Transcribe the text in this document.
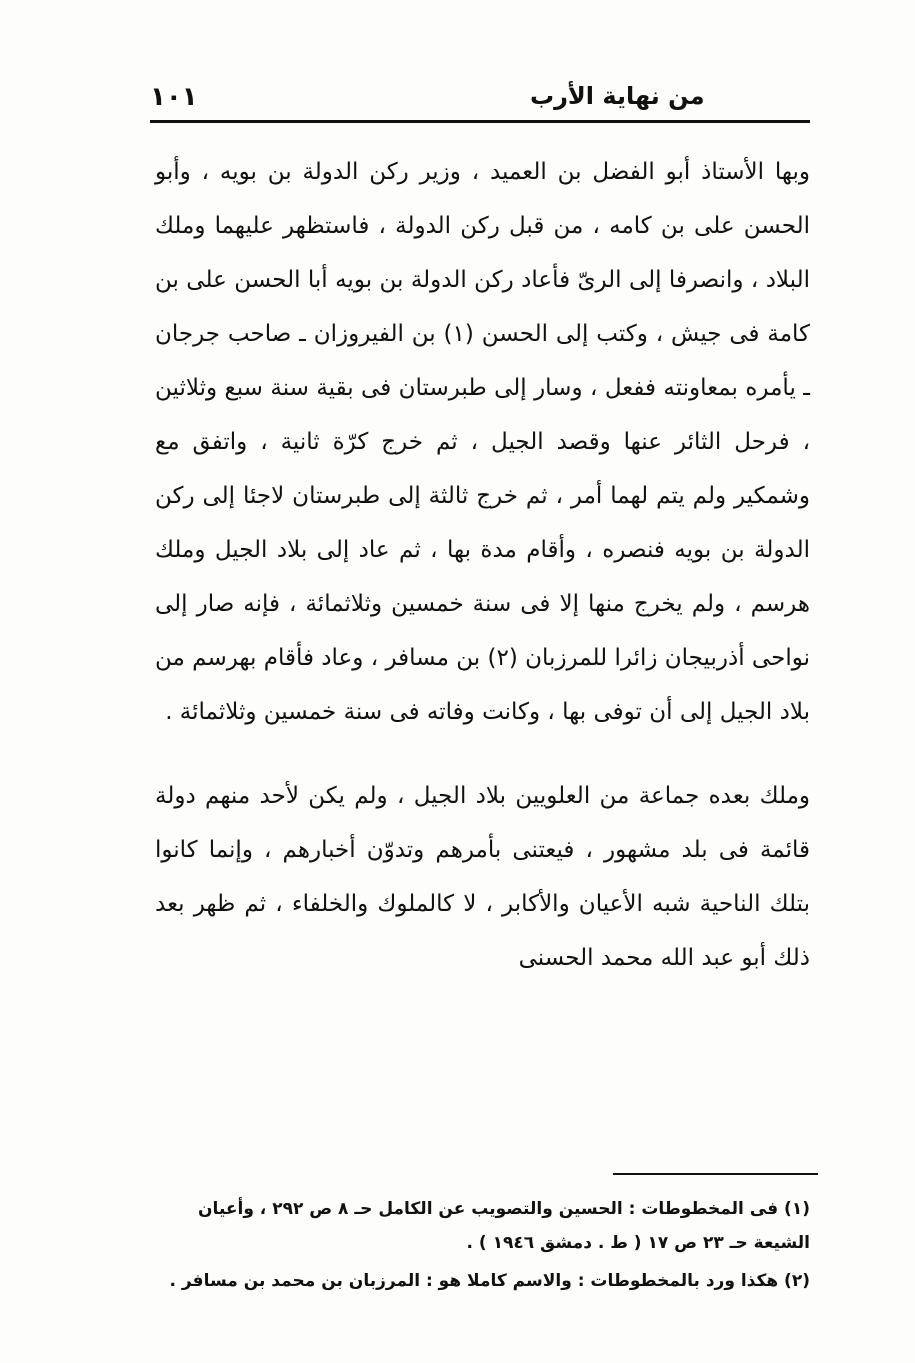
١٠١	من نهاية الأرب

وبها الأستاذ أبو الفضل بن العميد ، وزير ركن الدولة بن بويه ، وأبو الحسن على بن كامه ، من قبل ركن الدولة ، فاستظهر عليهما وملك البلاد ، وانصرفا إلى الرىّ فأعاد ركن الدولة بن بويه أبا الحسن على بن كامة فى جيش ، وكتب إلى الحسن (١) بن الفيروزان ـ صاحب جرجان ـ يأمره بمعاونته ففعل ، وسار إلى طبرستان فى بقية سنة سبع وثلاثين ، فرحل الثائر عنها وقصد الجيل ، ثم خرج كرّة ثانية ، واتفق مع وشمكير ولم يتم لهما أمر ، ثم خرج ثالثة إلى طبرستان لاجئا إلى ركن الدولة بن بويه فنصره ، وأقام مدة بها ، ثم عاد إلى بلاد الجيل وملك هرسم ، ولم يخرج منها إلا فى سنة خمسين وثلاثمائة ، فإنه صار إلى نواحى أذربيجان زائرا للمرزبان (٢) بن مسافر ، وعاد فأقام بهرسم من بلاد الجيل إلى أن توفى بها ، وكانت وفاته فى سنة خمسين وثلاثمائة .

وملك بعده جماعة من العلويين بلاد الجيل ، ولم يكن لأحد منهم دولة قائمة فى بلد مشهور ، فيعتنى بأمرهم وتدوّن أخبارهم ، وإنما كانوا بتلك الناحية شبه الأعيان والأكابر ، لا كالملوك والخلفاء ، ثم ظهر بعد ذلك أبو عبد الله محمد الحسنى

(١) فى المخطوطات : الحسين والتصويب عن الكامل حـ ٨ ص ٢٩٢ ، وأعيان الشيعة حـ ٢٣ ص ١٧ ( ط . دمشق ١٩٤٦ ) .

(٢) هكذا ورد بالمخطوطات : والاسم كاملا هو : المرزبان بن محمد بن مسافر .
